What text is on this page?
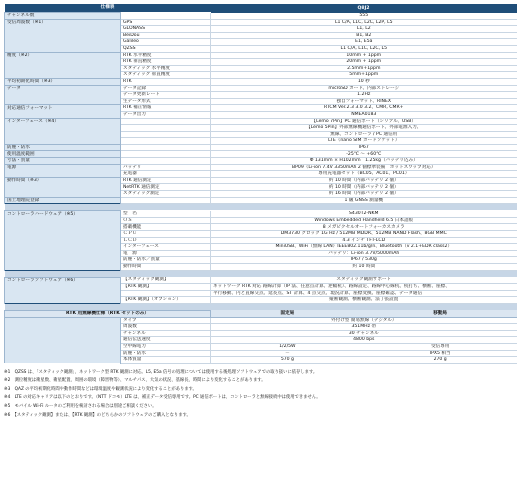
仕様表		Q8J2
チャンネル数		555
受信周波数（※1）	GPS	L1 C/A, L1C, L2C, L2P, L5
	GLONASS	L1, L2
	BeiDou	B1, B2
	Galileo	E1, E5a
	QZSS	L1 C/A, L1C, L2C, L5
精度（※2）	RTK 水平精度	10mm + 1ppm
	RTK 垂直精度	20mm + 1ppm
	スタティック 水平精度	2.5mm+1ppm
	スタティック 垂直精度	5mm+1ppm
平均初期化時間（※3）	RTK	10 秒
データ	データ記録	microSD カード、内部ストレージ
	データ更新レート	1.2Hz
	生データ形式	独自フォーマット、RINEX
対応通信フォーマット	RTK 補正情報	RTCM Ver.2.3 3.0 3.2、CMR, CMR+
	データ出力	NMEA0183
インターフェース（※4）		【Lemo 7Pin】PC 通信ポート（シリアル、USB）
		【Lemo 5Pin】外部無線機通信ポート、外部電源入力、
		無線、コントローラ / PC 通信用
		LTE（nano SIM カードソケット）
防塵・防水		IP67
使用温度範囲		-25℃ ～ +60℃
寸法・質量		Φ 131mm × H102mm　1.25kg（バッテリ込み）
電源	バッテリ	BP09（Li-ion 7.4V 3350mAh 2 個標準装備　ホットスワップ対応）
	充電器	専用充電器セット（BC05、AC01、PC01）
動作時間（※3）	RTK 通信測定	約 10 時間（内部バッテリ 2 個）
	NetRTK 通信測定	約 10 時間（内部バッテリ 2 個）
	スタティック測定	約 16 時間（内部バッテリ 2 個）
国土地理院登録		1 級 GNSS 測量機

コントローラハードウェア（※5）	型　名	S430T2-NKM
	ＯＳ	Windows Embedded Handheld 6.5 日本語版
	搭載機能	8 メガピクセルオートフォーカスカメラ
	ＣＰＵ	DM3730 クロック 1G Hz / 512MB MDDR、512MB NAND Flash、8GB MMC
	ＬＣＤ	4.3 インチ TFT-LCD
	インターフェース	MiniUSB、WiFi（無線 LAN）IEEE802.11b/g/n、Bluetooth（v 2.1+EDR class2）
	電　源	バッテリ：Li-ion 3.7V/5000mAh
	防塵・防水／質量	IP67 / 530g
	動作時間	約 10 時間

コントローラソフトウェア（※6）	【スタティック観測】	スタティック観測サポート
	【RTK 観測】	ネットワーク RTK 対応 路線計算（IP 法、任意点計算、逆幅杭）、路線設定、路線中心線杭、杭打ち、横断、座標、
		平行移動、円と直線交点、延長点、ST 計算、4 点交点、現況計算、座標変換、座標確認、データ通信
	【RTK 観測】（オプション）	縦断観測、横断観測、法丁張設置

RTK 用無線機仕様（RTK セットのみ）		固定局 移動局

	タイプ	外付け型 簡易無線（デジタル）
	周波数	351MHz 帯
	チャンネル	30 チャンネル
	通信伝送速度	4800 bps
	空中線電力	1/2/5W 受信専用

	防塵・防水	－ IPX5 相当

	本体質量	570 g 270 g
※1　QZSS は、「スタティック観測」、ネットワーク型 RTK 観測に対応。L5, E5a 信号の処理については使用する後処理ソフトウェアでの取り扱いに依存します。
※2　測位精度は衛星数、衛星配置、周囲の環境（障害物等）、マルチパス、大気の状況、基線長、時間により変化することがあります。
※3　QAZ の平均初期化時間や動作時間などは環境温度や観測状況により変化することがあります。
※4　LTE の対応キャリアは以下のとおりです。（NTT ドコモ）LTE は、補正データ受信専用です。PC 通信ポートは、コントローラと無線接続中は使用できません。
※5　モバイル Wi-Fi ルータのご利用を検討される場合は別途ご相談ください。
※6　【スタティック観測】または、【RTK 観測】のどちらかのソフトウェアのご購入となります。
